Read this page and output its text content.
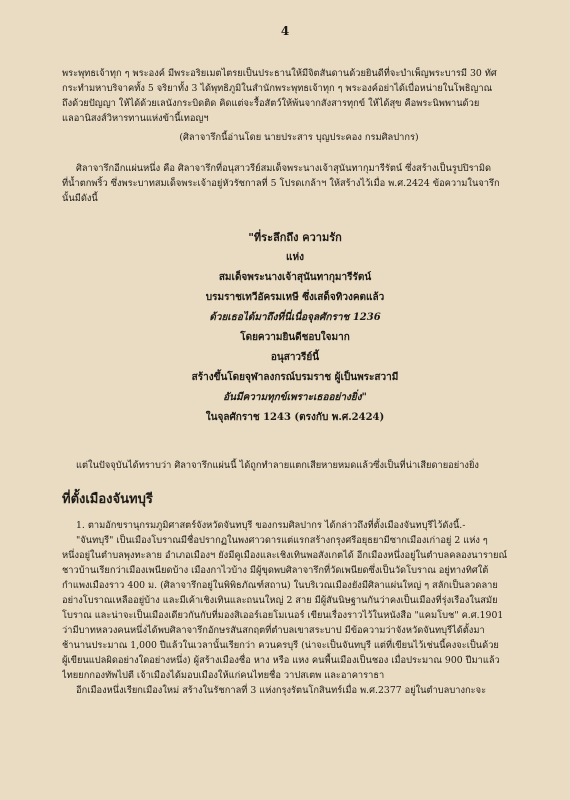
4
พระพุทธเจ้าทุก ๆ พระองค์ มีพระอริยเมตไตรยเป็นประธานให้มีจิตสันดานด้วยยินดีที่จะบำเพ็ญพระบารมี 30 ทัศ
กระทำมหาบริจาคทั้ง 5 จริยาทั้ง 3 ได้พุทธิภูมิในสำนักพระพุทธเจ้าทุก ๆ พระองค์อย่าได้เบื่อหน่ายในโพธิญาณ
ถึงด้วยปัญญา ให้ได้ด้วยเลนังกระบิดติด คิดแต่จะรื้อสัตว์ให้พ้นจากสังสารทุกข์ ให้ได้สุข คือพระนิพพานด้วย
แลอานิสงส์วิหารทานแห่งข้านี้เทอญฯ
(ศิลาจารึกนี้อ่านโดย นายประสาร บุญประคอง กรมศิลปากร)
ศิลาจารึกอีกแผ่นหนึ่ง คือ ศิลาจารึกที่อนุสาวรีย์สมเด็จพระนางเจ้าสุนันทากุมารีรัตน์ ซึ่งสร้างเป็นรูปปิรามิด
ที่น้ำตกพริ้ว ซึ่งพระบาทสมเด็จพระเจ้าอยู่หัวรัชกาลที่ 5 โปรดเกล้าฯ ให้สร้างไว้เมื่อ พ.ศ.2424 ข้อความในจารึก
นั้นมีดังนี้
"ที่ระลึกถึง ความรัก
แห่ง
สมเด็จพระนางเจ้าสุนันทากุมารีรัตน์
บรมราชเทวีอัครมเหษี ซึ่งเสด็จทิวงคตแล้ว
ด้วยเธอได้มาถึงที่นี่เนื่อจุลศักราช 1236
โดยความยินดีชอบใจมาก
อนุสาวรีย์นี้
สร้างขึ้นโดยจุฬาลงกรณ์บรมราช ผู้เป็นพระสวามี
อันมีความทุกข์เพราะเธออย่างยิ่ง"
ในจุลศักราช 1243 (ตรงกับ พ.ศ.2424)
แต่ในปัจจุบันได้ทราบว่า ศิลาจารึกแผ่นนี้ ได้ถูกทำลายแตกเสียหายหมดแล้วซึ่งเป็นที่น่าเสียดายอย่างยิ่ง
ที่ตั้งเมืองจันทบุรี
1. ตามอักขรานุกรมภูมิศาสตร์จังหวัดจันทบุรี ของกรมศิลปากร ได้กล่าวถึงที่ตั้งเมืองจันทบุรีไว้ดังนี้.-
"จันทบุรี" เป็นเมืองโบราณมีชื่อปรากฏในพงศาวดารแต่แรกสร้างกรุงศรีอยุธยามีซากเมืองเก่าอยู่ 2 แห่ง ๆ
หนึ่งอยู่ในตำบลพุงทะลาย อำเภอเมืองฯ ยังมีคูเมืองและเชิงเทินพอสังเกตได้ อีกเมืองหนึ่งอยู่ในตำบลคลองนารายณ์
ชาวบ้านเรียกว่าเมืองเพนียดบ้าง เมืองกาไวบ้าง มีผู้ขุดพบศิลาจารึกที่วัดเพนียดซึ่งเป็นวัดโบราณ อยู่ทางทิศใต้
กำแพงเมืองราว 400 ม. (ศิลาจารึกอยู่ในพิพิธภัณฑ์สถาน) ในบริเวณเมืองยังมีศิลาแผ่นใหญ่ ๆ สลักเป็นลวดลาย
อย่างโบราณเหลืออยู่บ้าง และมีเค้าเชิงเทินและถนนใหญ่ 2 สาย มีผู้สันนิษฐานกันว่าคงเป็นเมืองที่รุ่งเรืองในสมัย
โบราณ และน่าจะเป็นเมืองเดียวกันกับที่มองสิเออร์เอยโมเนอร์ เขียนเรื่องราวไว้ในหนังสือ "แคมโบช" ค.ศ.1901
ว่ามีบาทหลวงคนหนึ่งได้พบศิลาจารึกอักษรสันสกฤตที่ตำบลเขาสระบาป มีข้อความว่าจังหวัดจันทบุรีได้ตั้งมา
ช้านานประมาณ 1,000 ปีแล้วในเวลานั้นเรียกว่า ควนครบุรี (น่าจะเป็นจันทบุรี แต่ที่เขียนไว้เช่นนี้คงจะเป็นด้วย
ผู้เขียนแปลผิดอย่างใดอย่างหนึ่ง) ผู้สร้างเมืองชื่อ หาง หรือ แหง คนพื้นเมืองเป็นชอง เมื่อประมาณ 900 ปีมาแล้ว
ไทยยกกองทัพไปตี เจ้าเมืองได้มอบเมืองให้แก่คนไทยชื่อ วาปสเตพ และอาคาราธา
อีกเมืองหนึ่งเรียกเมืองใหม่ สร้างในรัชกาลที่ 3 แห่งกรุงรัตนโกสินทร์เมื่อ พ.ศ.2377 อยู่ในตำบลบางกะจะ
